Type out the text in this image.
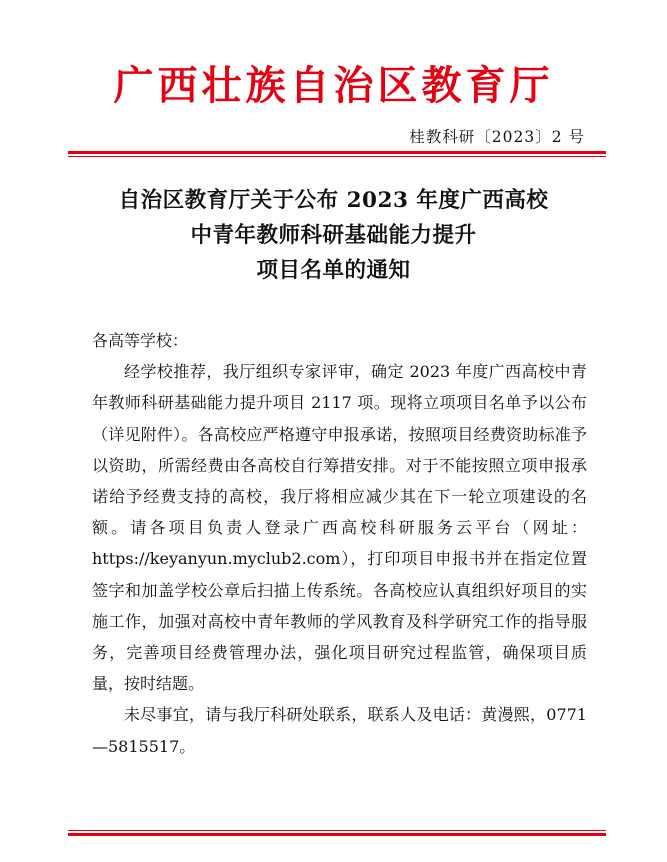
广西壮族自治区教育厅
桂教科研〔2023〕2 号
自治区教育厅关于公布 2023 年度广西高校
中青年教师科研基础能力提升
项目名单的通知

各高等学校：

经学校推荐，我厅组织专家评审，确定 2023 年度广西高校中青年教师科研基础能力提升项目 2117 项。现将立项项目名单予以公布（详见附件）。各高校应严格遵守申报承诺，按照项目经费资助标准予以资助，所需经费由各高校自行筹措安排。对于不能按照立项申报承诺给予经费支持的高校，我厅将相应减少其在下一轮立项建设的名额。请各项目负责人登录广西高校科研服务云平台（网址：https://keyanyun.myclub2.com），打印项目申报书并在指定位置签字和加盖学校公章后扫描上传系统。各高校应认真组织好项目的实施工作，加强对高校中青年教师的学风教育及科学研究工作的指导服务，完善项目经费管理办法，强化项目研究过程监管，确保项目质量，按时结题。

未尽事宜，请与我厅科研处联系，联系人及电话：黄漫熙，0771—5815517。
